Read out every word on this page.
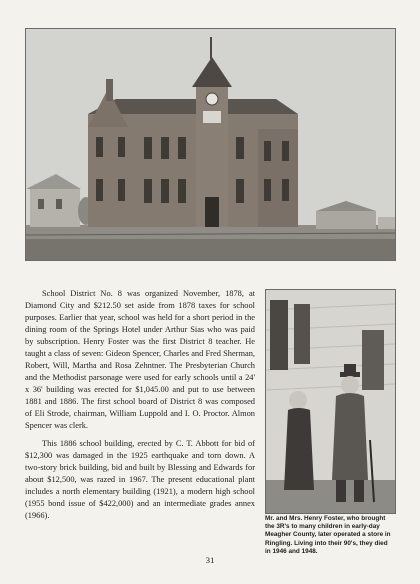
School District No. 8 was organized November, 1878, at Diamond City and $212.50 set aside from 1878 taxes for school purposes. Earlier that year, school was held for a short period in the dining room of the Springs Hotel under Arthur Sias who was paid by subscription. Henry Foster was the first District 8 teacher. He taught a class of seven: Gideon Spencer, Charles and Fred Sherman, Robert, Will, Martha and Rosa Zehntner. The Presbyterian Church and the Methodist parsonage were used for early schools until a 24' x 36' building was erected for $1,045.00 and put to use between 1881 and 1886. The first school board of District 8 was composed of Eli Strode, chairman, William Luppold and I. O. Proctor. Almon Spencer was clerk.

This 1886 school building, erected by C. T. Abbott for bid of $12,300 was damaged in the 1925 earthquake and torn down. A two-story brick building, bid and built by Blessing and Edwards for about $12,500, was razed in 1967. The present educational plant includes a north elementary building (1921), a modern high school (1955 bond issue of $422,000) and an intermediate grades annex (1966).	Mr. and Mrs. Henry Foster, who brought the 3R's to many children in early-day Meagher County, later operated a store in Ringling. Living into their 90's, they died in 1946 and 1948.

31
